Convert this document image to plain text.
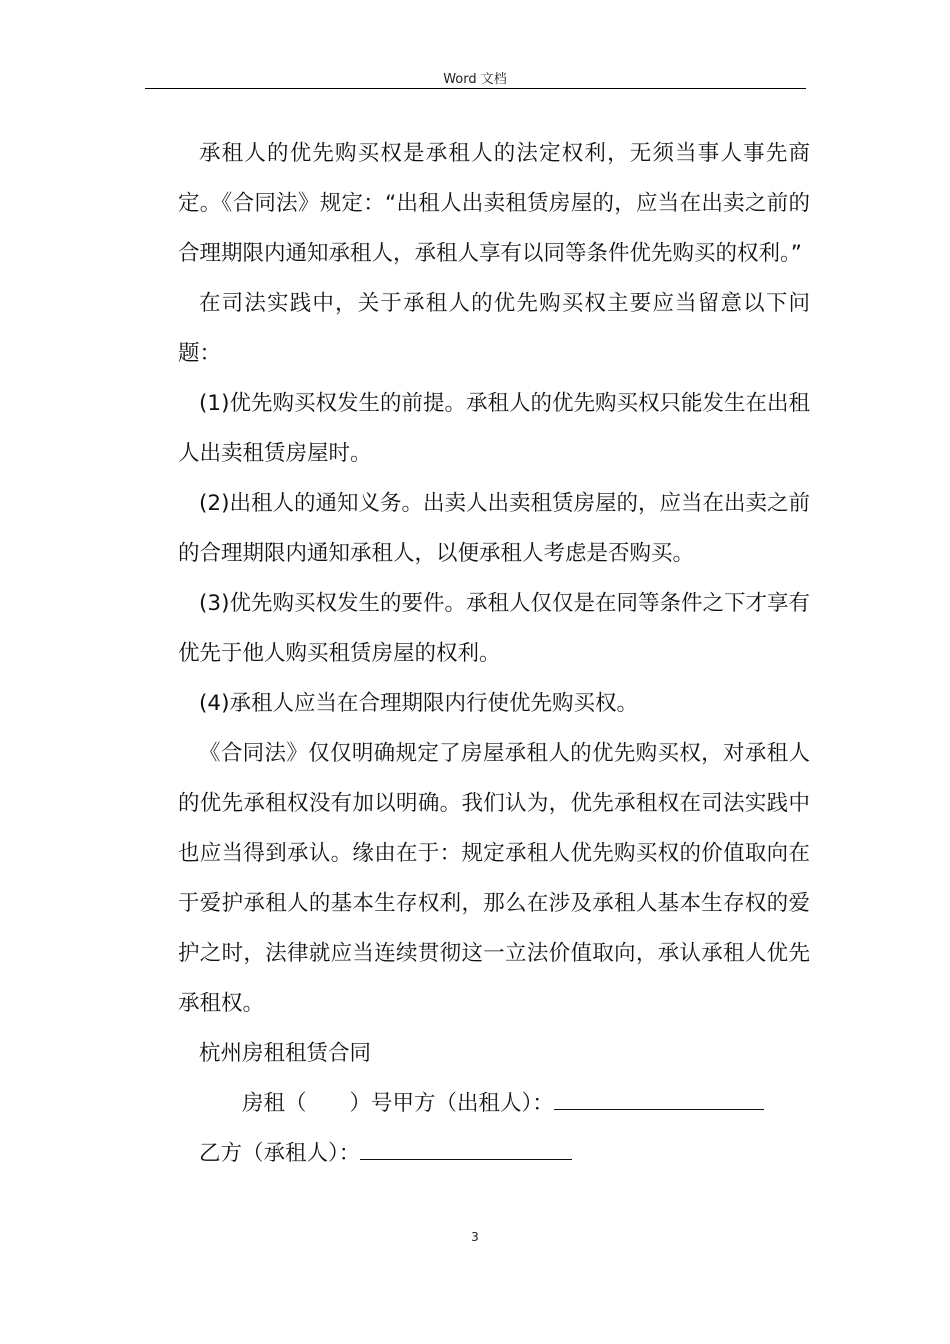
Word 文档

承租人的优先购买权是承租人的法定权利，无须当事人事先商定。《合同法》规定：“出租人出卖租赁房屋的，应当在出卖之前的合理期限内通知承租人，承租人享有以同等条件优先购买的权利。”

在司法实践中，关于承租人的优先购买权主要应当留意以下问题：

(1)优先购买权发生的前提。承租人的优先购买权只能发生在出租人出卖租赁房屋时。

(2)出租人的通知义务。出卖人出卖租赁房屋的，应当在出卖之前的合理期限内通知承租人，以便承租人考虑是否购买。

(3)优先购买权发生的要件。承租人仅仅是在同等条件之下才享有优先于他人购买租赁房屋的权利。

(4)承租人应当在合理期限内行使优先购买权。

《合同法》仅仅明确规定了房屋承租人的优先购买权，对承租人的优先承租权没有加以明确。我们认为，优先承租权在司法实践中也应当得到承认。缘由在于：规定承租人优先购买权的价值取向在于爱护承租人的基本生存权利，那么在涉及承租人基本生存权的爱护之时，法律就应当连续贯彻这一立法价值取向，承认承租人优先承租权。

杭州房租租赁合同

房租（　　）号甲方（出租人）：
乙方（承租人）：
3
